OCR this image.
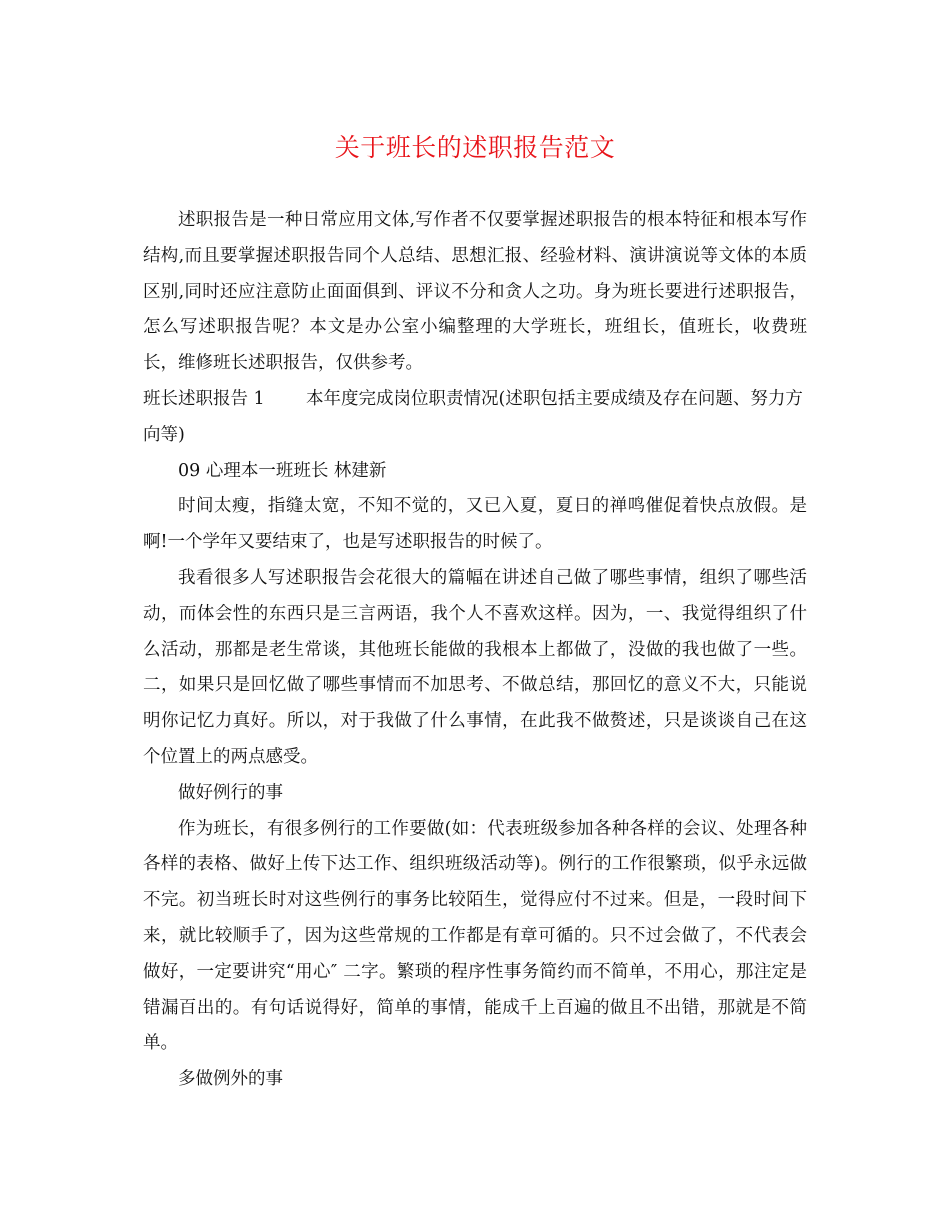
关于班长的述职报告范文

述职报告是一种日常应用文体,写作者不仅要掌握述职报告的根本特征和根本写作结构,而且要掌握述职报告同个人总结、思想汇报、经验材料、演讲演说等文体的本质区别,同时还应注意防止面面俱到、评议不分和贪人之功。身为班长要进行述职报告，怎么写述职报告呢？本文是办公室小编整理的大学班长，班组长，值班长，收费班长，维修班长述职报告，仅供参考。

班长述职报告 1 本年度完成岗位职责情况(述职包括主要成绩及存在问题、努力方向等)

09 心理本一班班长 林建新

时间太瘦，指缝太宽，不知不觉的，又已入夏，夏日的禅鸣催促着快点放假。是啊!一个学年又要结束了，也是写述职报告的时候了。

我看很多人写述职报告会花很大的篇幅在讲述自己做了哪些事情，组织了哪些活动，而体会性的东西只是三言两语，我个人不喜欢这样。因为，一、我觉得组织了什么活动，那都是老生常谈，其他班长能做的我根本上都做了，没做的我也做了一些。二，如果只是回忆做了哪些事情而不加思考、不做总结，那回忆的意义不大，只能说明你记忆力真好。所以，对于我做了什么事情，在此我不做赘述，只是谈谈自己在这个位置上的两点感受。

做好例行的事

作为班长，有很多例行的工作要做(如：代表班级参加各种各样的会议、处理各种各样的表格、做好上传下达工作、组织班级活动等)。例行的工作很繁琐，似乎永远做不完。初当班长时对这些例行的事务比较陌生，觉得应付不过来。但是，一段时间下来，就比较顺手了，因为这些常规的工作都是有章可循的。只不过会做了，不代表会做好，一定要讲究“用心″ 二字。繁琐的程序性事务简约而不简单，不用心，那注定是错漏百出的。有句话说得好，简单的事情，能成千上百遍的做且不出错，那就是不简单。

多做例外的事
